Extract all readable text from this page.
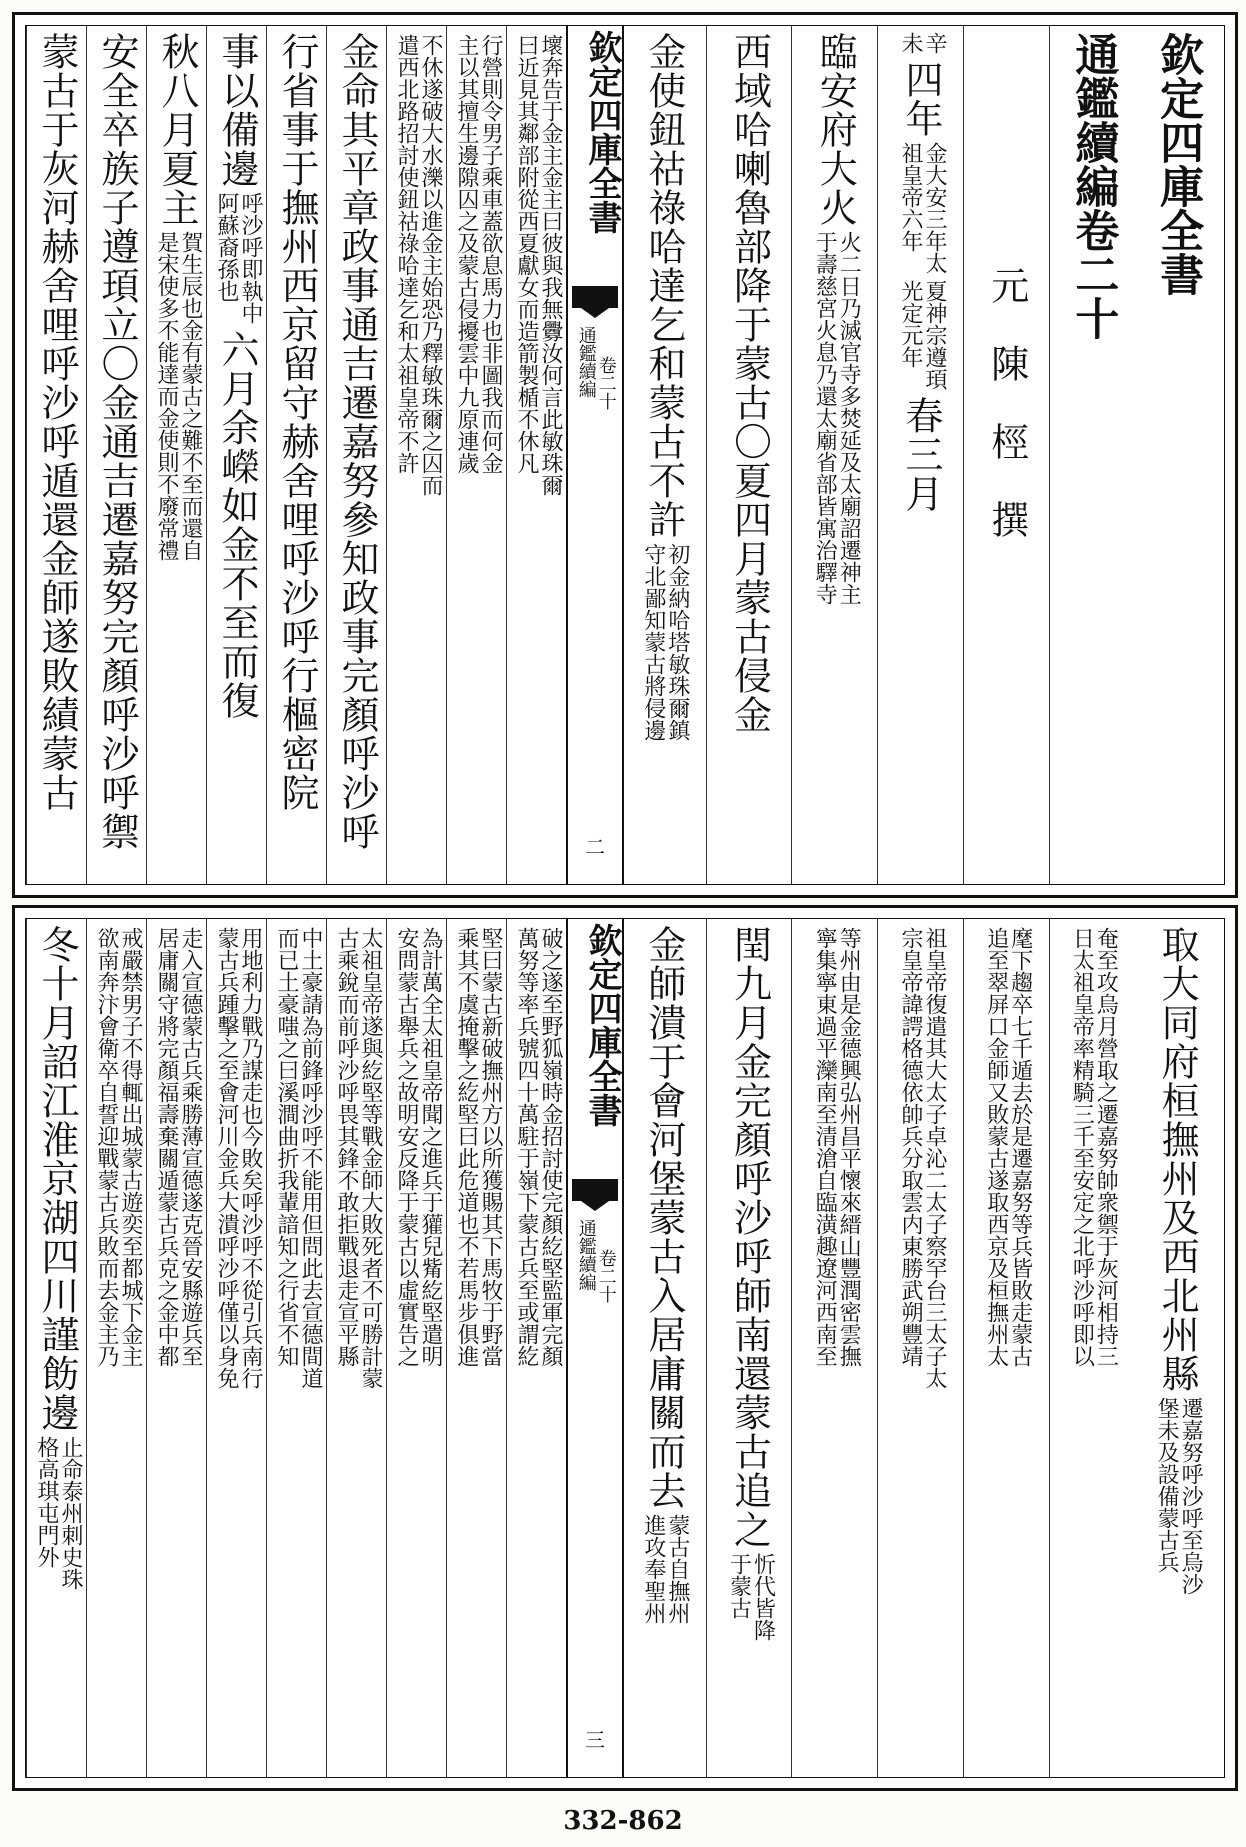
欽定四庫全書
通鑑續編卷二十
　　　　　　元　陳　桱　撰
辛
未
四年
金大安三年太
祖皇帝六年
夏神宗遵頊
光定元年
春三月
臨安府大火
火二日乃滅官寺多焚延及太廟詔遷神主
于壽慈宮火息乃還太廟省部皆寓治驛寺
西域哈喇魯部降于蒙古〇夏四月蒙古侵金
金使鈕祜祿哈達乞和蒙古不許
初金納哈塔敏珠爾鎮
守北鄙知蒙古將侵邊
壞奔告于金主金主曰彼與我無釁汝何言此敏珠爾
曰近見其鄰部附從西夏獻女而造箭製楯不休凡
行營則令男子乘車蓋欲息馬力也非圖我而何金
主以其擅生邊隙囚之及蒙古侵擾雲中九原連歲
不休遂破大水濼以進金主始恐乃釋敏珠爾之囚而
遣西北路招討使鈕祜祿哈達乞和太祖皇帝不許
金命其平章政事通吉遷嘉努參知政事完顏呼沙呼
行省事于撫州西京留守赫舍哩呼沙呼行樞密院
事以備邊
呼沙呼即執中
阿蘇裔孫也
六月余嶸如金不至而復
秋八月夏主
賀生辰也金有蒙古之難不至而還自
是宋使多不能達而金使則不廢常禮
安全卒族子遵頊立〇金通吉遷嘉努完顏呼沙呼禦
蒙古于灰河赫舍哩呼沙呼遁還金師遂敗績蒙古	欽定四庫全書
通鑑續編 卷二十
二
取大同府桓撫州及西北州縣
遷嘉努呼沙呼至烏沙
堡未及設備蒙古兵
奄至攻烏月營取之遷嘉努帥衆禦于灰河相持三
日太祖皇帝率精騎三千至安定之北呼沙呼即以
麾下趨卒七千遁去於是遷嘉努等兵皆敗走蒙古
追至翠屏口金師又敗蒙古遂取西京及桓撫州太
祖皇帝復遣其大太子卓沁二太子察罕台三太子太
宗皇帝諱諤格德依帥兵分取雲内東勝武朔豐靖
等州由是金德興弘州昌平懷來縉山豐潤密雲撫
寧集寧東過平灤南至清滄自臨潢趣遼河西南至
閏九月金完顏呼沙呼師南還蒙古追之
忻代皆降
于蒙古
金師潰于會河堡蒙古入居庸關而去
蒙古自撫州
進攻奉聖州
破之遂至野狐嶺時金招討使完顏紇堅監軍完顏
萬努等率兵號四十萬駐于嶺下蒙古兵至或謂紇
堅曰蒙古新破撫州方以所獲賜其下馬牧于野當
乘其不虞掩擊之紇堅曰此危道也不若馬步俱進
為計萬全太祖皇帝聞之進兵于獾兒觜紇堅遣明
安問蒙古舉兵之故明安反降于蒙古以虛實告之
太祖皇帝遂與紇堅等戰金師大敗死者不可勝計蒙
古乘銳而前呼沙呼畏其鋒不敢拒戰退走宣平縣
中土豪請為前鋒呼沙呼不能用但問此去宣德間道
而已土豪嗤之曰溪澗曲折我輩諳知之行省不知
用地利力戰乃謀走也今敗矣呼沙呼不從引兵南行
蒙古兵踵擊之至會河川金兵大潰呼沙呼僅以身免
走入宣德蒙古兵乘勝薄宣德遂克晉安縣遊兵至
居庸關守將完顏福壽棄關遁蒙古兵克之金中都
戒嚴禁男子不得輒出城蒙古遊奕至都城下金主
欲南奔汴會衛卒自誓迎戰蒙古兵敗而去金主乃
冬十月詔江淮京湖四川謹飭邊
止命泰州刺史珠
格高琪屯門外
欽定四庫全書
通鑑續編 卷二十
三
332-862
